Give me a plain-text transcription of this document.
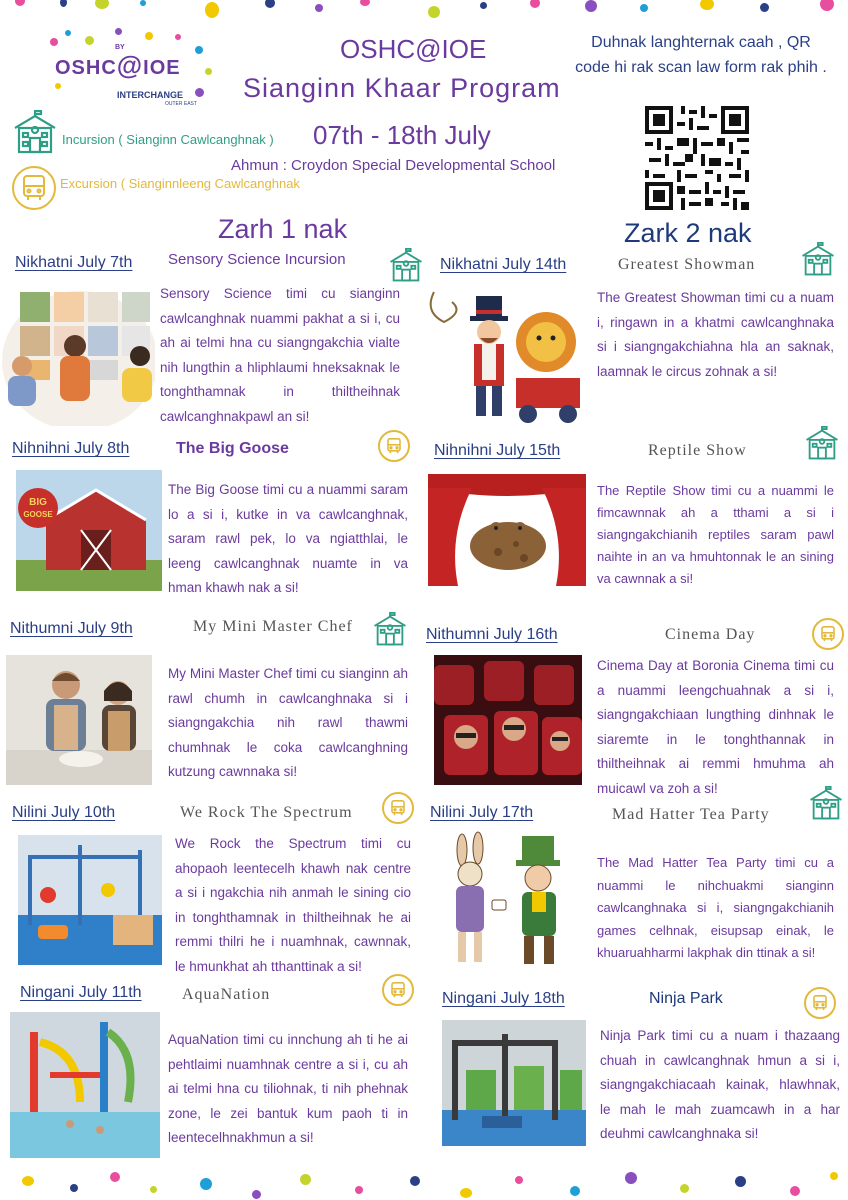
OSHC@IOE
BY
INTERCHANGE
OUTER EAST
OSHC@IOE
Sianginn Khaar Program
07th - 18th July
Ahmun : Croydon Special Developmental School
Duhnak langhternak caah , QR code hi rak scan law form rak phih .
Incursion ( Sianginn Cawlcanghnak )
Excursion ( Sianginnleeng Cawlcanghnak
Zarh 1 nak	Zark 2 nak
Nikhatni July 7th Sensory Science Incursion
Sensory Science timi cu sianginn cawlcanghnak nuammi pakhat a si i, cu ah ai telmi hna cu siangngakchia vialte nih lungthin a hliphlaumi hneksaknak le tonghthamnak in thiltheihnak cawlcanghnakpawl an si!
Nihnihni July 8th	The Big Goose
BIG
GOOSE
The Big Goose timi cu a nuammi saram lo a si i, kutke in va cawlcanghnak, saram rawl pek, lo va ngiatthlai, le leeng cawlcanghnak nuamte in va hman khawh nak a si!
Nithumni July 9th	My Mini Master Chef
My Mini Master Chef timi cu sianginn ah rawl chumh in cawlcanghnaka si i siangngakchia nih rawl thawmi chumhnak le coka cawlcanghning kutzung cawnnaka si!
Nilini July 10th	We Rock The Spectrum
We Rock the Spectrum timi cu ahopaoh leentecelh khawh nak centre a si i ngakchia nih anmah le sining cio in tonghthamnak in thiltheihnak he ai remmi thilri he i nuamhnak, cawnnak, le hmunkhat ah tthanttinak a si!
Ningani July 11th	AquaNation
AquaNation timi cu innchung ah ti he ai pehtlaimi nuamhnak centre a si i, cu ah ai telmi hna cu tiliohnak, ti nih phehnak zone, le zei bantuk kum paoh ti in leentecelhnakhmun a si!
Nikhatni July 14th	Greatest Showman
The Greatest Showman timi cu a nuam i, ringawn in a khatmi cawlcanghnaka si i siangngakchiahna hla an saknak, laamnak le circus zohnak a si!
Nihnihni July 15th	Reptile Show
The Reptile Show timi cu a nuammi le fimcawnnak ah a tthami a si i siangngakchianih reptiles saram pawl naihte in an va hmuhtonnak le an sining va cawnnak a si!
Nithumni July 16th	Cinema Day
Cinema Day at Boronia Cinema timi cu a nuammi leengchuahnak a si i, siangngakchiaan lungthing dinhnak le siaremte in le tonghthannak in thiltheihnak ai remmi hmuhma ah muicawl va zoh a si!
Nilini July 17th	Mad Hatter Tea Party
The Mad Hatter Tea Party timi cu a nuammi le nihchuakmi sianginn cawlcanghnaka si i, siangngakchianih games celhnak, eisupsap einak, le khuaruahharmi lakphak din ttinak a si!
Ningani July 18th	Ninja Park
Ninja Park timi cu a nuam i thazaang chuah in cawlcanghnak hmun a si i, siangngakchiacaah kainak, hlawhnak, le mah le mah zuamcawh in a har deuhmi cawlcanghnaka si!
